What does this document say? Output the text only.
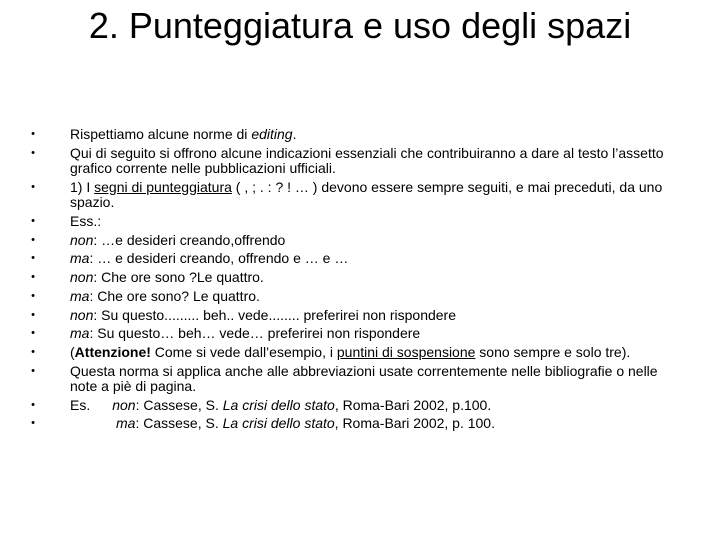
2. Punteggiatura e uso degli spazi
•	Rispettiamo alcune norme di editing.
•	Qui di seguito si offrono alcune indicazioni essenziali che contribuiranno a dare al testo l’assetto grafico corrente nelle pubblicazioni ufficiali.
•	1) I segni di punteggiatura ( , ; . : ? ! … ) devono essere sempre seguiti, e mai preceduti, da uno spazio.
•	Ess.:
•	non: …e desideri creando,offrendo
•	ma: … e desideri creando, offrendo e … e …
•	non: Che ore sono ?Le quattro.
•	ma: Che ore sono? Le quattro.
•	non: Su questo......... beh.. vede........ preferirei non rispondere
•	ma: Su questo… beh… vede… preferirei non rispondere
•	(Attenzione! Come si vede dall’esempio, i puntini di sospensione sono sempre e solo tre).
•	Questa norma si applica anche alle abbreviazioni usate correntemente nelle bibliografie o nelle note a piè di pagina.
•	Es. non: Cassese, S. La crisi dello stato, Roma-Bari 2002, p.100.
•	ma: Cassese, S. La crisi dello stato, Roma-Bari 2002, p. 100.
